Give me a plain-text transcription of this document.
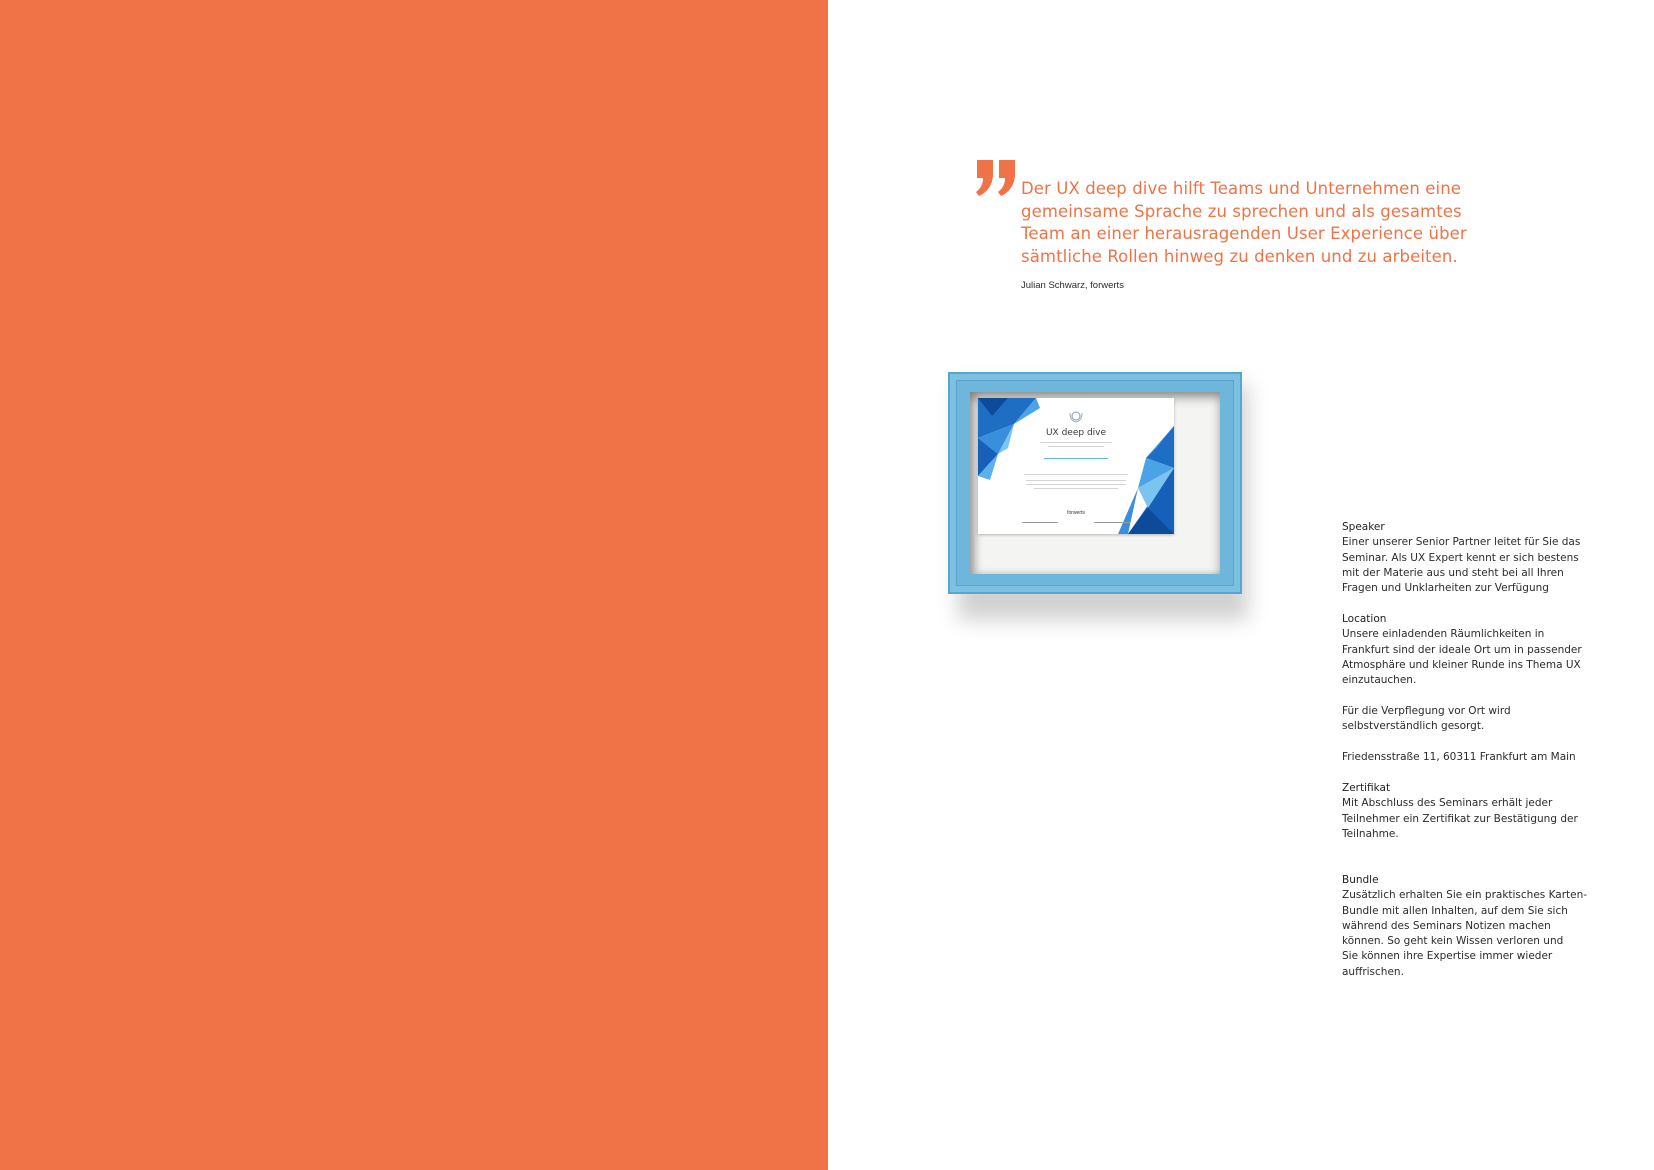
Der UX deep dive hilft Teams und Unternehmen eine gemeinsame Sprache zu sprechen und als gesamtes Team an einer herausragenden User Experience über sämtliche Rollen hinweg zu denken und zu arbeiten.
Julian Schwarz, forwerts
UX deep dive
forwerts
Speaker

Einer unserer Senior Partner leitet für Sie das
Seminar. Als UX Expert kennt er sich bestens
mit der Materie aus und steht bei all Ihren
Fragen und Unklarheiten zur Verfügung

Location

Unsere einladenden Räumlichkeiten in
Frankfurt sind der ideale Ort um in passender
Atmosphäre und kleiner Runde ins Thema UX
einzutauchen.

Für die Verpflegung vor Ort wird
selbstverständlich gesorgt.

Friedensstraße 11, 60311 Frankfurt am Main

Zertifikat

Mit Abschluss des Seminars erhält jeder
Teilnehmer ein Zertifikat zur Bestätigung der
Teilnahme.

Bundle

Zusätzlich erhalten Sie ein praktisches Karten-
Bundle mit allen Inhalten, auf dem Sie sich
während des Seminars Notizen machen
können. So geht kein Wissen verloren und
Sie können ihre Expertise immer wieder
auffrischen.
